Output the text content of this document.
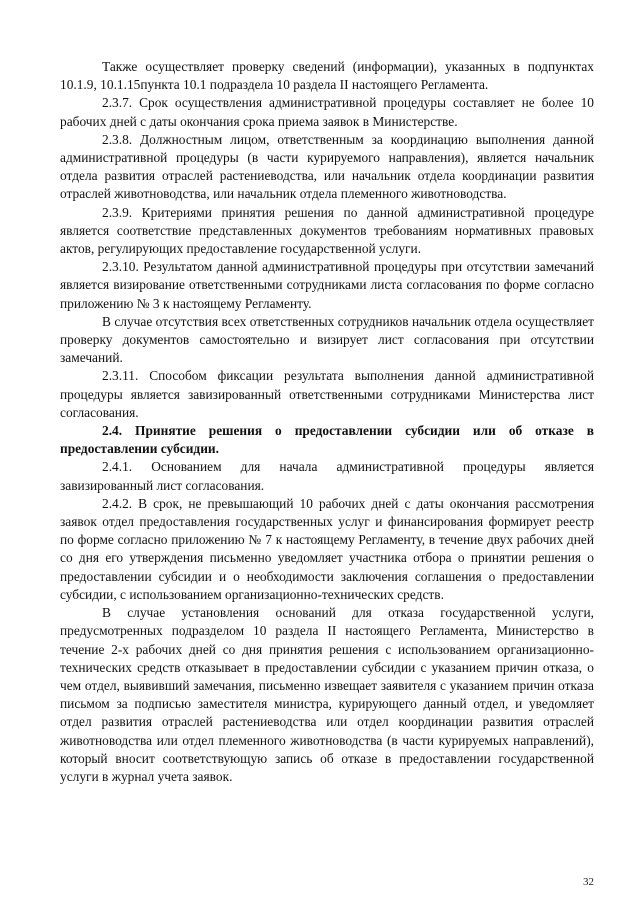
Также осуществляет проверку сведений (информации), указанных в подпунктах 10.1.9, 10.1.15пункта 10.1 подраздела 10 раздела II настоящего Регламента.

2.3.7. Срок осуществления административной процедуры составляет не более 10 рабочих дней с даты окончания срока приема заявок в Министерстве.

2.3.8. Должностным лицом, ответственным за координацию выполнения данной административной процедуры (в части курируемого направления), является начальник отдела развития отраслей растениеводства, или начальник отдела координации развития отраслей животноводства, или начальник отдела племенного животноводства.

2.3.9. Критериями принятия решения по данной административной процедуре является соответствие представленных документов требованиям нормативных правовых актов, регулирующих предоставление государственной услуги.

2.3.10. Результатом данной административной процедуры при отсутствии замечаний является визирование ответственными сотрудниками листа согласования по форме согласно приложению № 3 к настоящему Регламенту.

В случае отсутствия всех ответственных сотрудников начальник отдела осуществляет проверку документов самостоятельно и визирует лист согласования при отсутствии замечаний.

2.3.11. Способом фиксации результата выполнения данной административной процедуры является завизированный ответственными сотрудниками Министерства лист согласования.

2.4. Принятие решения о предоставлении субсидии или об отказе в предоставлении субсидии.

2.4.1. Основанием для начала административной процедуры является завизированный лист согласования.

2.4.2. В срок, не превышающий 10 рабочих дней с даты окончания рассмотрения заявок отдел предоставления государственных услуг и финансирования формирует реестр по форме согласно приложению № 7 к настоящему Регламенту, в течение двух рабочих дней со дня его утверждения письменно уведомляет участника отбора о принятии решения о предоставлении субсидии и о необходимости заключения соглашения о предоставлении субсидии, с использованием организационно-технических средств.

В случае установления оснований для отказа государственной услуги, предусмотренных подразделом 10 раздела II настоящего Регламента, Министерство в течение 2-х рабочих дней со дня принятия решения с использованием организационно-технических средств отказывает в предоставлении субсидии с указанием причин отказа, о чем отдел, выявивший замечания, письменно извещает заявителя с указанием причин отказа письмом за подписью заместителя министра, курирующего данный отдел, и уведомляет отдел развития отраслей растениеводства или отдел координации развития отраслей животноводства или отдел племенного животноводства (в части курируемых направлений), который вносит соответствующую запись об отказе в предоставлении государственной услуги в журнал учета заявок.

32
